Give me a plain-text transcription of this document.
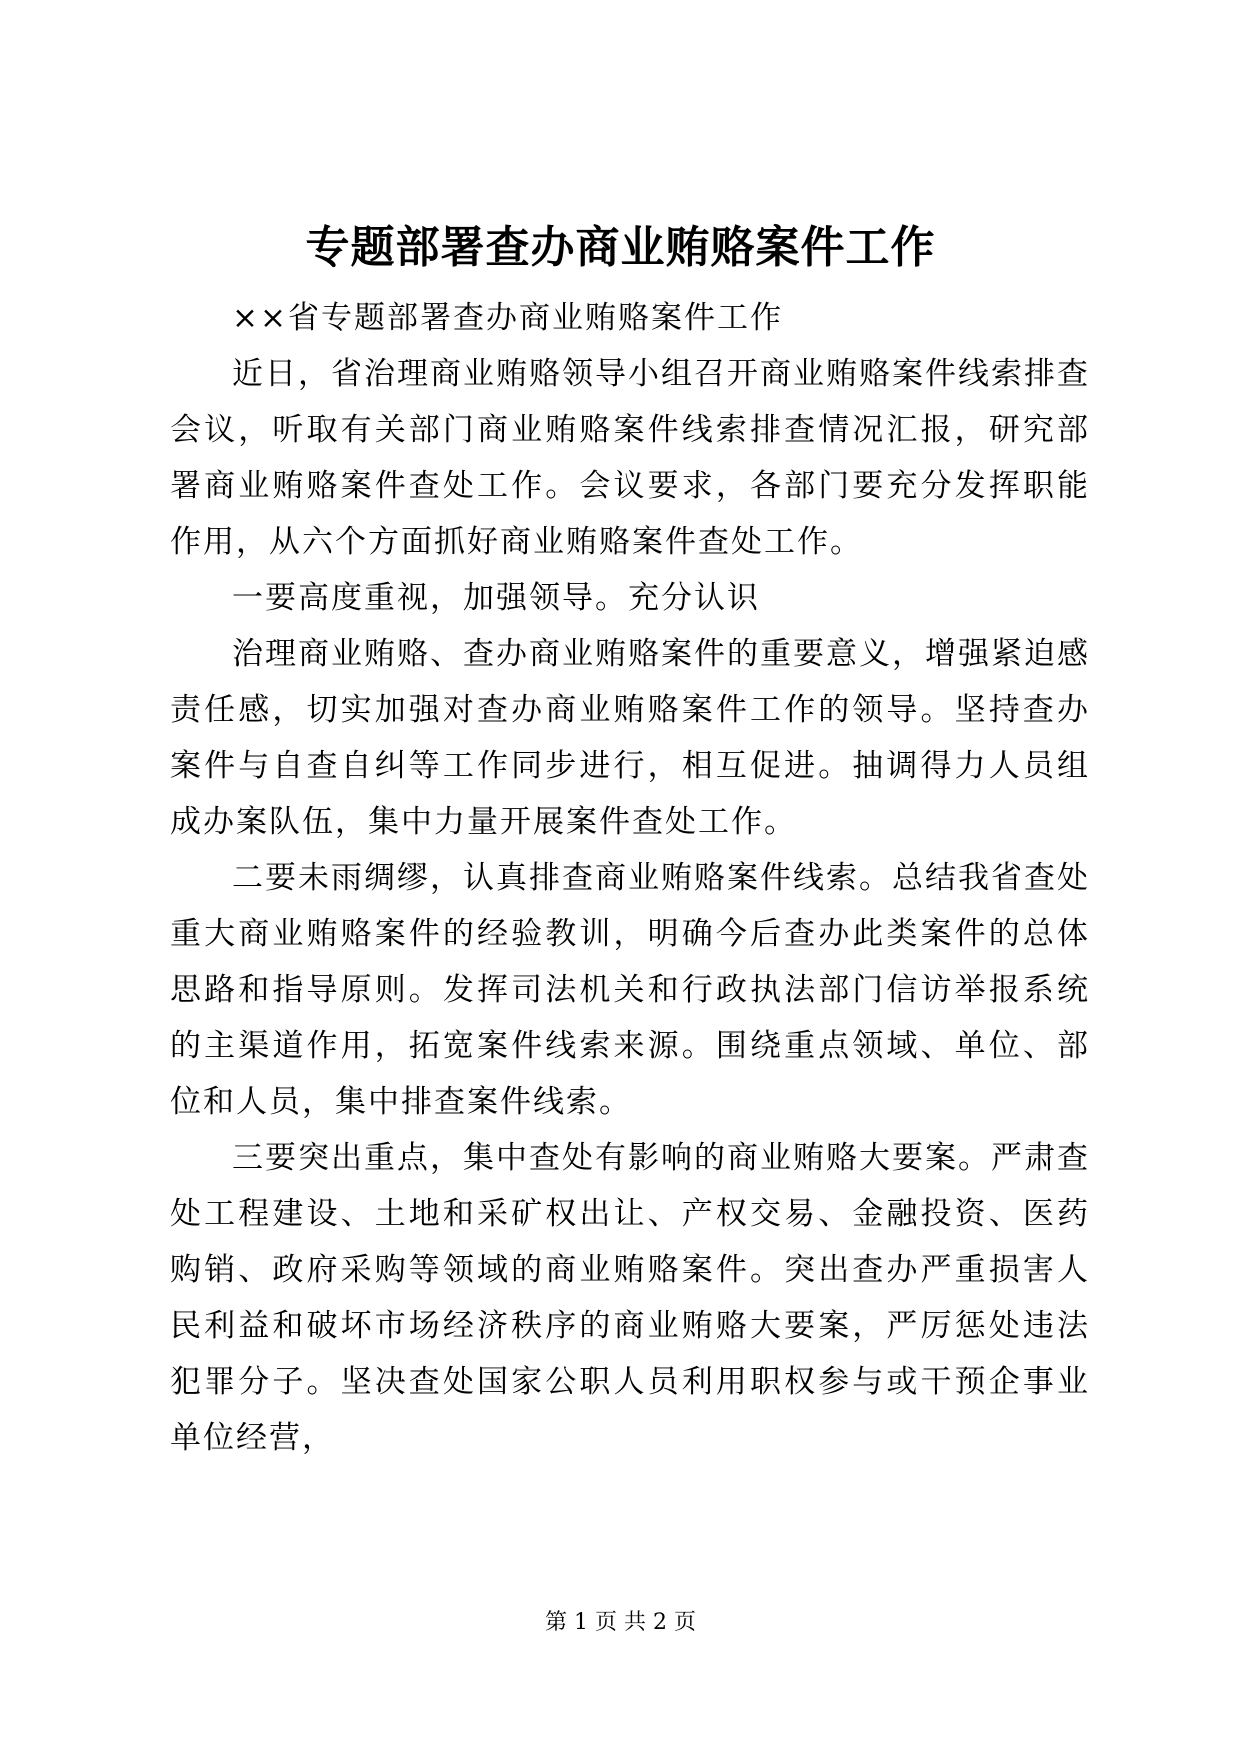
专题部署查办商业贿赂案件工作

××省专题部署查办商业贿赂案件工作

近日，省治理商业贿赂领导小组召开商业贿赂案件线索排查会议，听取有关部门商业贿赂案件线索排查情况汇报，研究部署商业贿赂案件查处工作。会议要求，各部门要充分发挥职能作用，从六个方面抓好商业贿赂案件查处工作。

一要高度重视，加强领导。充分认识

治理商业贿赂、查办商业贿赂案件的重要意义，增强紧迫感责任感，切实加强对查办商业贿赂案件工作的领导。坚持查办案件与自查自纠等工作同步进行，相互促进。抽调得力人员组成办案队伍，集中力量开展案件查处工作。

二要未雨绸缪，认真排查商业贿赂案件线索。总结我省查处重大商业贿赂案件的经验教训，明确今后查办此类案件的总体思路和指导原则。发挥司法机关和行政执法部门信访举报系统的主渠道作用，拓宽案件线索来源。围绕重点领域、单位、部位和人员，集中排查案件线索。

三要突出重点，集中查处有影响的商业贿赂大要案。严肃查处工程建设、土地和采矿权出让、产权交易、金融投资、医药购销、政府采购等领域的商业贿赂案件。突出查办严重损害人民利益和破坏市场经济秩序的商业贿赂大要案，严厉惩处违法犯罪分子。坚决查处国家公职人员利用职权参与或干预企事业单位经营，

第 1 页 共 2 页
